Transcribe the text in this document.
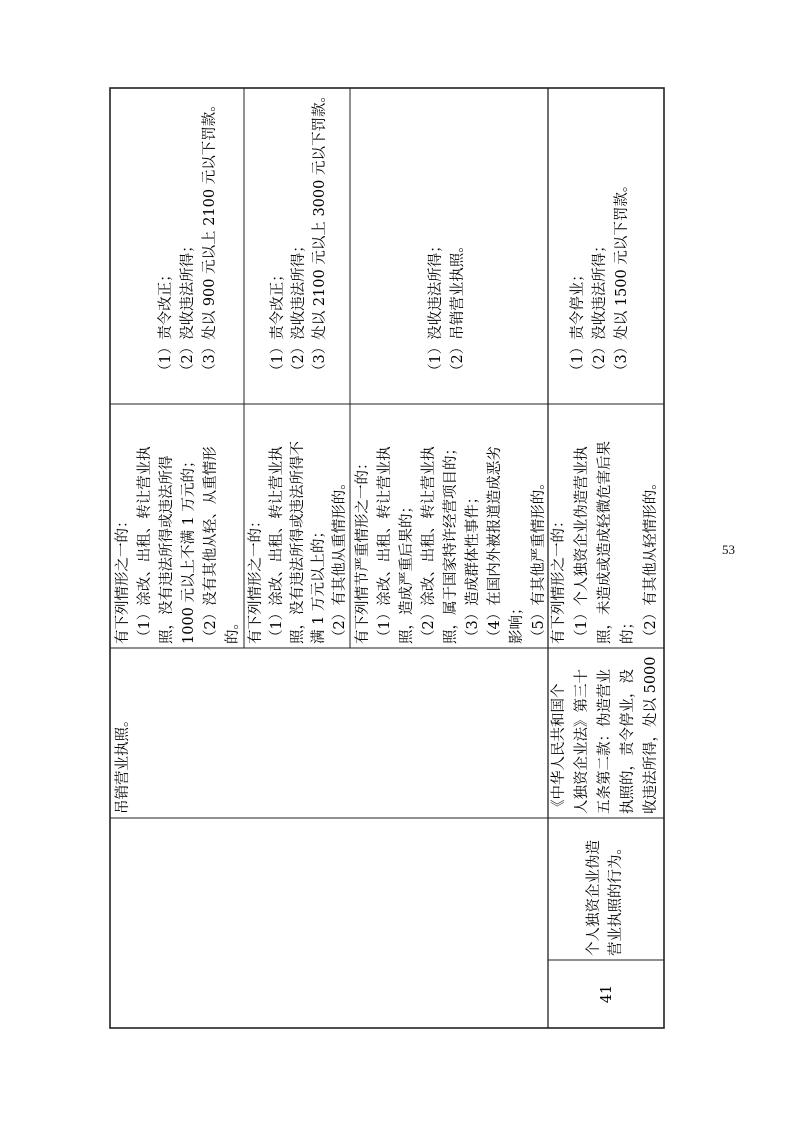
41
个人独资企业伪造 营业执照的行为。
《中华人民共和国个 人独资企业法》第三十 五条第二款：伪造营业 执照的，责令停业，没 收违法所得，处以 5000
有下列情形之一的： （1）个人独资企业伪造营业执 照，未造成或造成轻微危害后果 的； （2）有其他从轻情形的。
（1）责令停业； （2）没收违法所得； （3）处以 1500 元以下罚款。
吊销营业执照。
有下列情形之一的： （1）涂改、出租、转让营业执 照，没有违法所得或违法所得 1000 元以上不满 1 万元的； （2）没有其他从轻、从重情形 的。
（1）责令改正； （2）没收违法所得； （3）处以 900 元以上 2100 元以下罚款。
有下列情形之一的： （1）涂改、出租、转让营业执 照，没有违法所得或违法所得不 满 1 万元以上的； （2）有其他从重情形的。
（1）责令改正； （2）没收违法所得； （3）处以 2100 元以上 3000 元以下罚款。
有下列情节严重情形之一的： （1）涂改、出租、转让营业执 照，造成严重后果的； （2）涂改、出租、转让营业执 照，属于国家特许经营项目的； （3）造成群体性事件； （4）在国内外被报道造成恶劣 影响； （5）有其他严重情形的。
（1）没收违法所得； （2）吊销营业执照。
53
